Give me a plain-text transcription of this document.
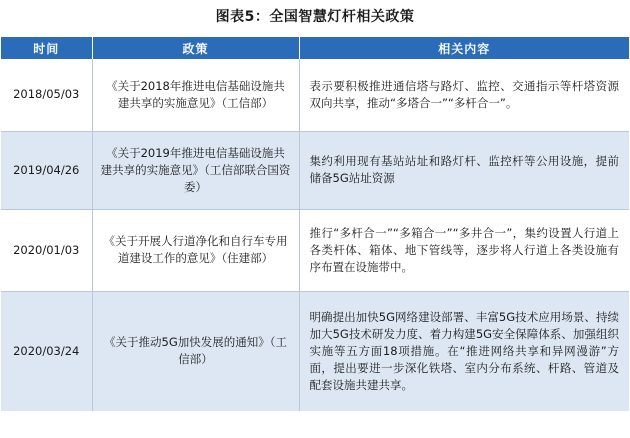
图表5：全国智慧灯杆相关政策
时间	政策	相关内容
2018/05/03	《关于2018年推进电信基础设施共建共享的实施意见》（工信部）	表示要积极推进通信塔与路灯、监控、交通指示等杆塔资源双向共享，推动“多塔合一”“多杆合一”。
2019/04/26	《关于2019年推进电信基础设施共建共享的实施意见》（工信部联合国资委）	集约利用现有基站站址和路灯杆、监控杆等公用设施，提前储备5G站址资源
2020/01/03	《关于开展人行道净化和自行车专用道建设工作的意见》（住建部）	推行“多杆合一”“多箱合一”“多井合一”，集约设置人行道上各类杆体、箱体、地下管线等，逐步将人行道上各类设施有序布置在设施带中。
2020/03/24	《关于推动5G加快发展的通知》（工信部）	明确提出加快5G网络建设部署、丰富5G技术应用场景、持续加大5G技术研发力度、着力构建5G安全保障体系、加强组织实施等五方面18项措施。在“推进网络共享和异网漫游”方面，提出要进一步深化铁塔、室内分布系统、杆路、管道及配套设施共建共享。
